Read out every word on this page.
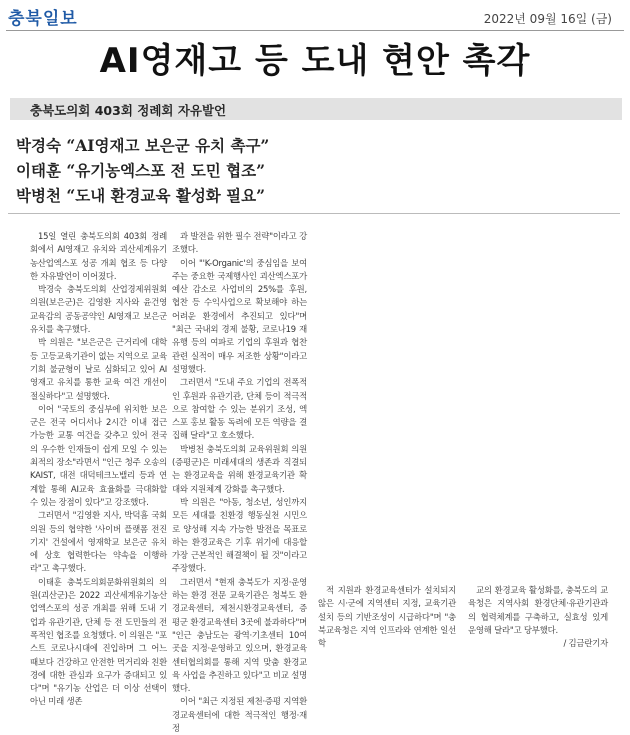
충북일보	2022년 09월 16일 (금)
AI영재고 등 도내 현안 촉각
충북도의회 403회 정례회 자유발언
박경숙 “AI영재고 보은군 유치 촉구”
이태훈 “유기농엑스포 전 도민 협조”
박병천 “도내 환경교육 활성화 필요”

15일 열린 충북도의회 403회 정례회에서 AI영재고 유치와 괴산세계유기농산업엑스포 성공 개최 협조 등 다양한 자유발언이 이어졌다.

박경숙 충북도의회 산업경제위원회 의원(보은군)은 김영환 지사와 윤건영 교육감의 공동공약인 AI영재고 보은군 유치를 촉구했다.

박 의원은 "보은군은 근거리에 대학 등 고등교육기관이 없는 지역으로 교육기회 불균형이 날로 심화되고 있어 AI영재고 유치를 통한 교육 여건 개선이 절실하다"고 설명했다.

이어 "국토의 중심부에 위치한 보은군은 전국 어디서나 2시간 이내 접근 가능한 교통 여건을 갖추고 있어 전국의 우수한 인재들이 쉽게 모일 수 있는 최적의 장소"라면서 "인근 청주 오송의 KAIST, 대전 대덕테크노밸리 등과 연계할 통해 AI교육 효율화를 극대화할 수 있는 장점이 있다"고 강조했다.

그러면서 "김영환 지사, 박덕흠 국회의원 등의 협약한 '사이버 플랫폼 전진기지' 건설에서 영재학교 보은군 유치에 상호 협력한다는 약속을 이행하라"고 촉구했다.

이태훈 충북도의회문화위원회의 의원(괴산군)은 2022 괴산세계유기농산업엑스포의 성공 개최를 위해 도내 기업과 유관기관, 단체 등 전 도민들의 전폭적인 협조를 요청했다. 이 의원은 "포스트 코로나시대에 진입하며 그 어느 때보다 건강하고 안전한 먹거리와 친환경에 대한 관심과 요구가 증대되고 있다"며 "유기농 산업은 더 이상 선택이 아닌 미래 생존

과 발전을 위한 필수 전략"이라고 강조했다.

이어 "'K-Organic'의 중심임을 보여주는 중요한 국제행사인 괴산엑스포가 예산 감소로 사업비의 25%를 후원, 협찬 등 수익사업으로 확보해야 하는 어려운 환경에서 추진되고 있다"며 "최근 국내외 경제 불황, 코로나19 재유행 등의 여파로 기업의 후원과 협찬 관련 실적이 매우 저조한 상황"이라고 설명했다.

그러면서 "도내 주요 기업의 전폭적인 후원과 유관기관, 단체 등이 적극적으로 참여할 수 있는 분위기 조성, 엑스포 홍보 활동 독려에 모든 역량을 결집해 달라"고 호소했다.

박병천 충북도의회 교육위원회 의원(증평군)은 미래세대의 생존과 직결되는 환경교육을 위해 환경교육기관 확대와 지원체계 강화를 촉구했다.

박 의원은 "아동, 청소년, 성인까지 모든 세대를 친환경 행동실천 시민으로 양성해 지속 가능한 발전을 목표로 하는 환경교육은 기후 위기에 대응할 가장 근본적인 해결책이 될 것"이라고 주장했다.

그러면서 "현재 충북도가 지정·운영하는 환경 전문 교육기관은 청북도 환경교육센터, 제천시환경교육센터, 증평군 환경교육센터 3곳에 불과하다"며 "인근 충남도는 광역·기초센터 10여 곳을 지정·운영하고 있으며, 환경교육센터협의회를 통해 지역 맞춤 환경교육 사업을 추진하고 있다"고 비교 설명했다.

이어 "최근 지정된 제천·증평 지역환경교육센터에 대한 적극적인 행정·재정

적 지원과 환경교육센터가 설치되지 않은 시·군에 지역센터 지정, 교육기관 설치 등의 기반조성이 시급하다"며 "충북교육청은 지역 인프라와 연계한 일선 학

교의 환경교육 활성화를, 충북도의 교육청은 지역사회 환경단체·유관기관과의 협력체계를 구축하고, 실효성 있게 운영해 달라"고 당부했다.

/ 김금란기자
